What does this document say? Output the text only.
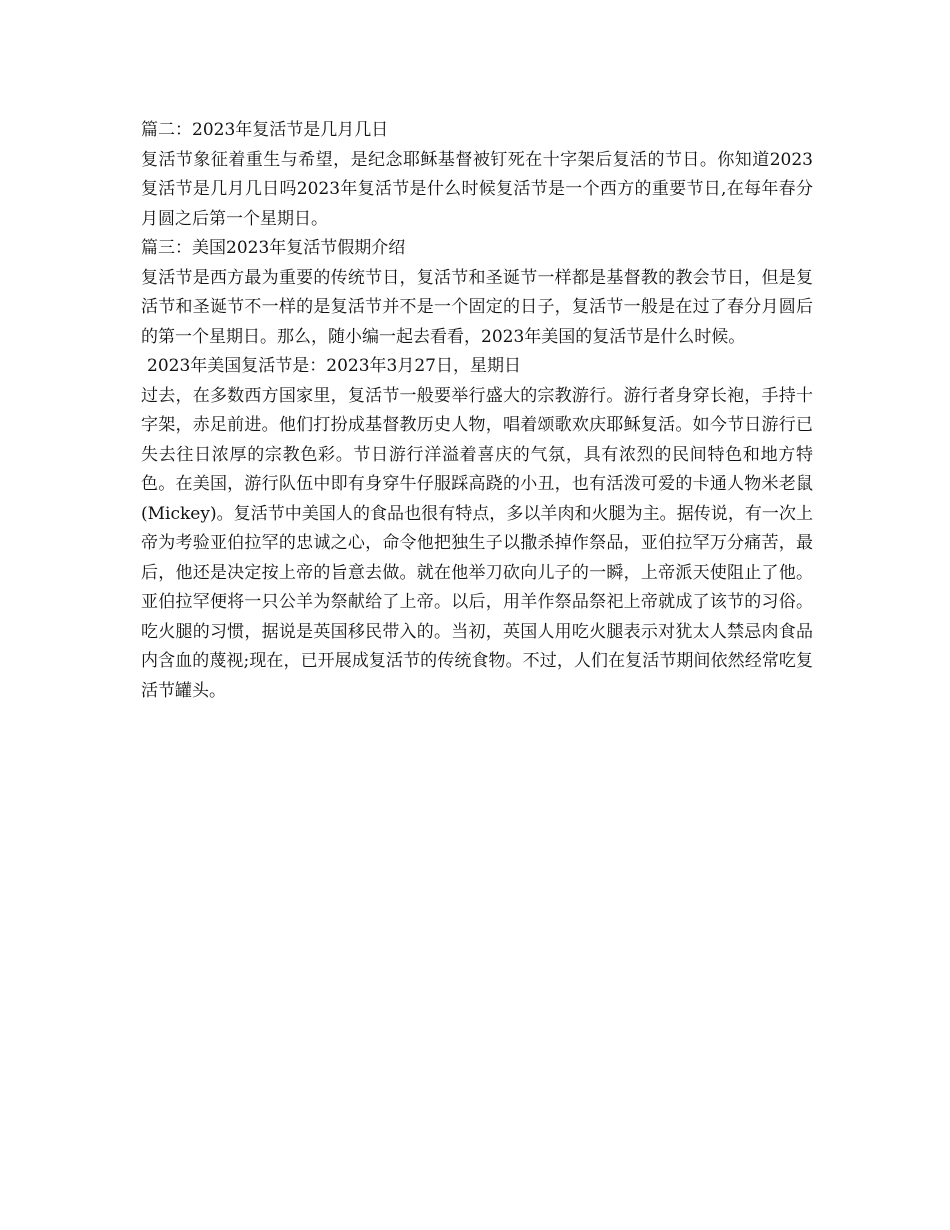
篇二：2023年复活节是几月几日

复活节象征着重生与希望，是纪念耶稣基督被钉死在十字架后复活的节日。你知道2023复活节是几月几日吗2023年复活节是什么时候复活节是一个西方的重要节日,在每年春分月圆之后第一个星期日。

篇三：美国2023年复活节假期介绍

复活节是西方最为重要的传统节日，复活节和圣诞节一样都是基督教的教会节日，但是复活节和圣诞节不一样的是复活节并不是一个固定的日子，复活节一般是在过了春分月圆后的第一个星期日。那么，随小编一起去看看，2023年美国的复活节是什么时候。

2023年美国复活节是：2023年3月27日，星期日

过去，在多数西方国家里，复活节一般要举行盛大的宗教游行。游行者身穿长袍，手持十字架，赤足前进。他们打扮成基督教历史人物，唱着颂歌欢庆耶稣复活。如今节日游行已失去往日浓厚的宗教色彩。节日游行洋溢着喜庆的气氛，具有浓烈的民间特色和地方特色。在美国，游行队伍中即有身穿牛仔服踩高跷的小丑，也有活泼可爱的卡通人物米老鼠(Mickey)。复活节中美国人的食品也很有特点，多以羊肉和火腿为主。据传说，有一次上帝为考验亚伯拉罕的忠诚之心，命令他把独生子以撒杀掉作祭品，亚伯拉罕万分痛苦，最后，他还是决定按上帝的旨意去做。就在他举刀砍向儿子的一瞬，上帝派天使阻止了他。亚伯拉罕便将一只公羊为祭献给了上帝。以后，用羊作祭品祭祀上帝就成了该节的习俗。吃火腿的习惯，据说是英国移民带入的。当初，英国人用吃火腿表示对犹太人禁忌肉食品内含血的蔑视;现在，已开展成复活节的传统食物。不过，人们在复活节期间依然经常吃复活节罐头。
